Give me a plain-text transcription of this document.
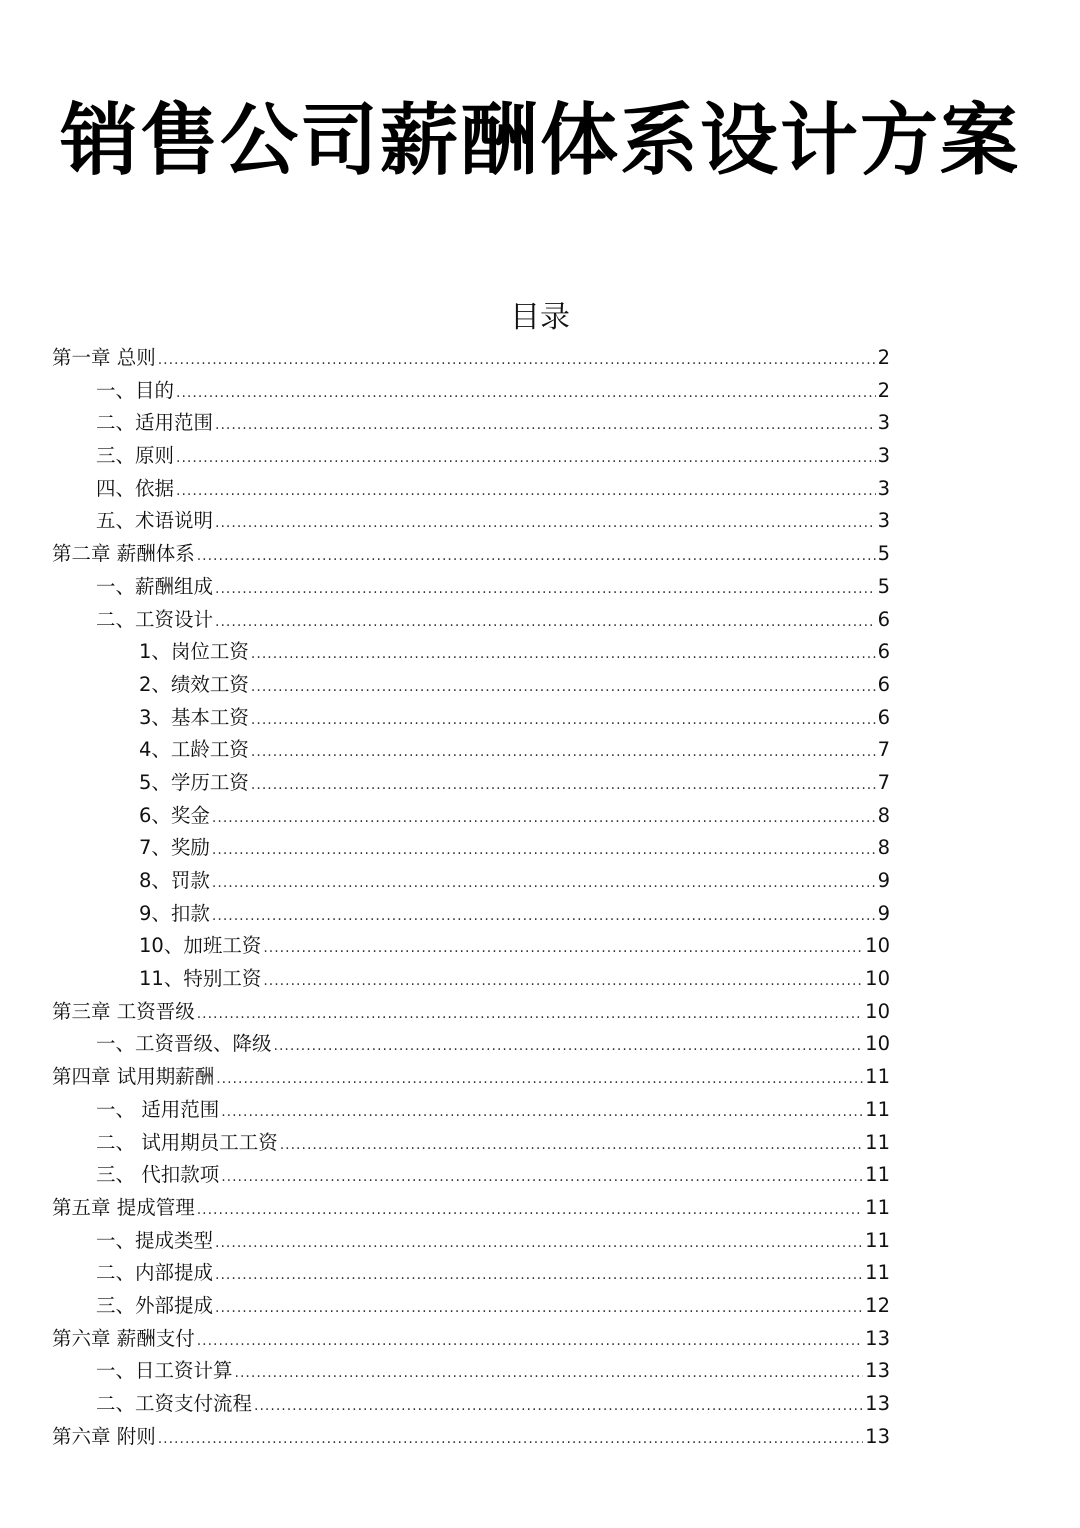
销售公司薪酬体系设计方案
目录
第一章 总则 .....	2
一、目的 .....	2
二、适用范围 .....	3
三、原则 .....	3
四、依据 .....	3
五、术语说明 .....	3
第二章 薪酬体系 .....	5
一、薪酬组成 .....	5
二、工资设计 .....	6
1、岗位工资 .....	6
2、绩效工资 .....	6
3、基本工资 .....	6
4、工龄工资 .....	7
5、学历工资 .....	7
6、奖金 .....	8
7、奖励 .....	8
8、罚款 .....	9
9、扣款 .....	9
10、加班工资 .....	10
11、特别工资 .....	10
第三章 工资晋级 .....	10
一、工资晋级、降级 .....	10
第四章 试用期薪酬 .....	11
一、 适用范围 .....	11
二、 试用期员工工资 .....	11
三、 代扣款项 .....	11
第五章 提成管理 .....	11
一、提成类型 .....	11
二、内部提成 .....	11
三、外部提成 .....	12
第六章 薪酬支付 .....	13
一、日工资计算 .....	13
二、工资支付流程 .....	13
第六章 附则 .....	13
